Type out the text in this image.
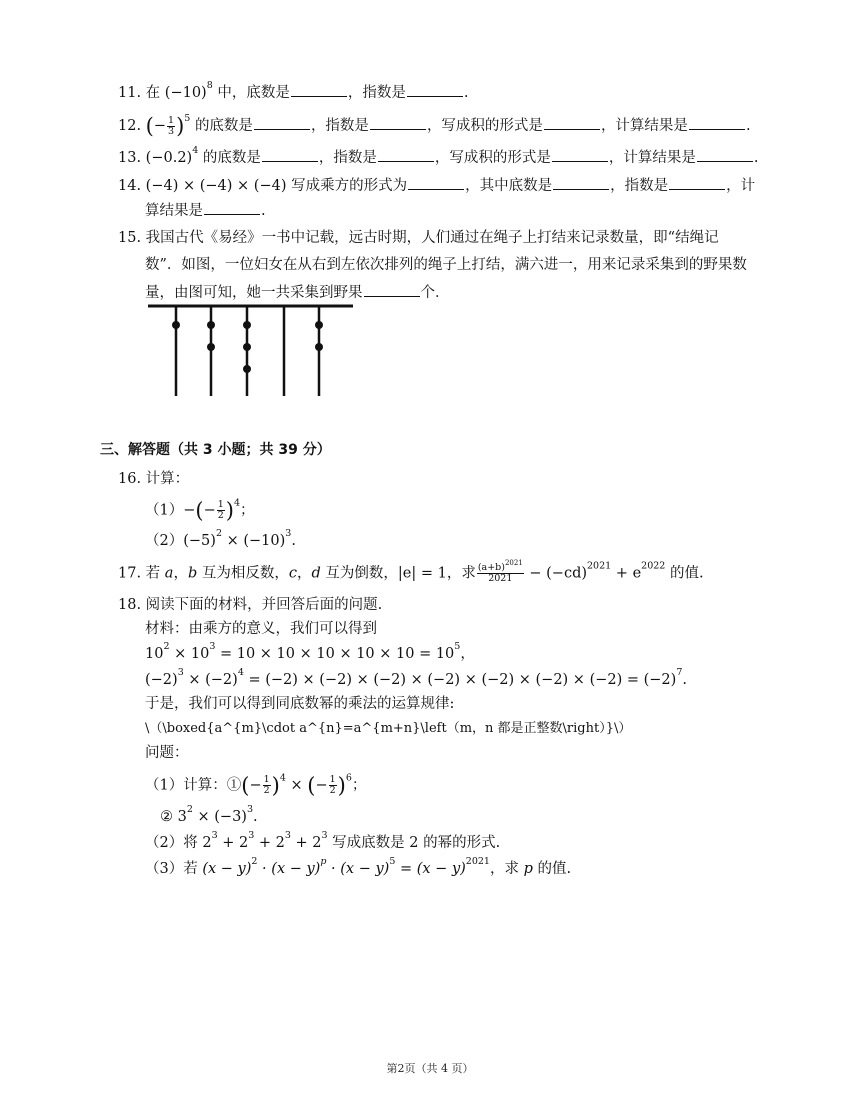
11. 在 $(-10)^8$ 中，底数是	，指数是	.
12. (− $\frac{1}{3} )^5$ 的底数是	，指数是	，写成积的形式是	，计算结果是	.
13. $(-0.2)^4$ 的底数是	，指数是	，写成积的形式是	，计算结果是	.
14. (−4) × (−4) × (−4) 写成乘方的形式为	，其中底数是	，指数是	，计
算结果是	.
15. 我国古代《易经》一书中记载，远古时期，人们通过在绳子上打结来记录数量，即“结绳记
数”．如图，一位妇女在从右到左依次排列的绳子上打结，满六进一，用来记录采集到的野果数
量，由图可知，她一共采集到野果	个．
三、解答题（共 3 小题；共 39 分）
16. 计算：
$(1)-(- \frac{1}{2} )^4$；
$(2)(-5)^2 \times (-10)^3$.
17. 若 a，b 互为相反数，c，d 互为倒数，|e| = 1，求 $\frac{(a+b)^{2021}}{2021} - (-cd)^{2021} + e^{2022}$ 的值.
18. 阅读下面的材料，并回答后面的问题.
材料：由乘方的意义，我们可以得到
$10^2 \times 10^3 = 10 \times 10 \times 10 \times 10 \times 10 = 10^5$，
$(-2)^3 \times (-2)^4 = (-2) \times (-2) \times (-2) \times (-2) \times (-2) \times (-2) \times (-2) = (-2)^7$.
于是，我们可以得到同底数幂的乘法的运算规律:
\（\boxed{a^{m}\cdot a^{n}=a^{m+n}\left（m，n 都是正整数\right）}\）
问题：
（1）计算：①(− $\frac{1}{2} )^4$ × (− $\frac{1}{2} )^6$；
② $3^2 \times (-3)^3$.
（2）将 $2^3 + 2^3 + 2^3 + 2^3$ 写成底数是 2 的幂的形式.
（3）若 $(x - y)^2 \cdot (x - y)^p \cdot (x - y)^5 = (x - y)^{2021}$，求 p 的值.
第2页（共 4 页）
